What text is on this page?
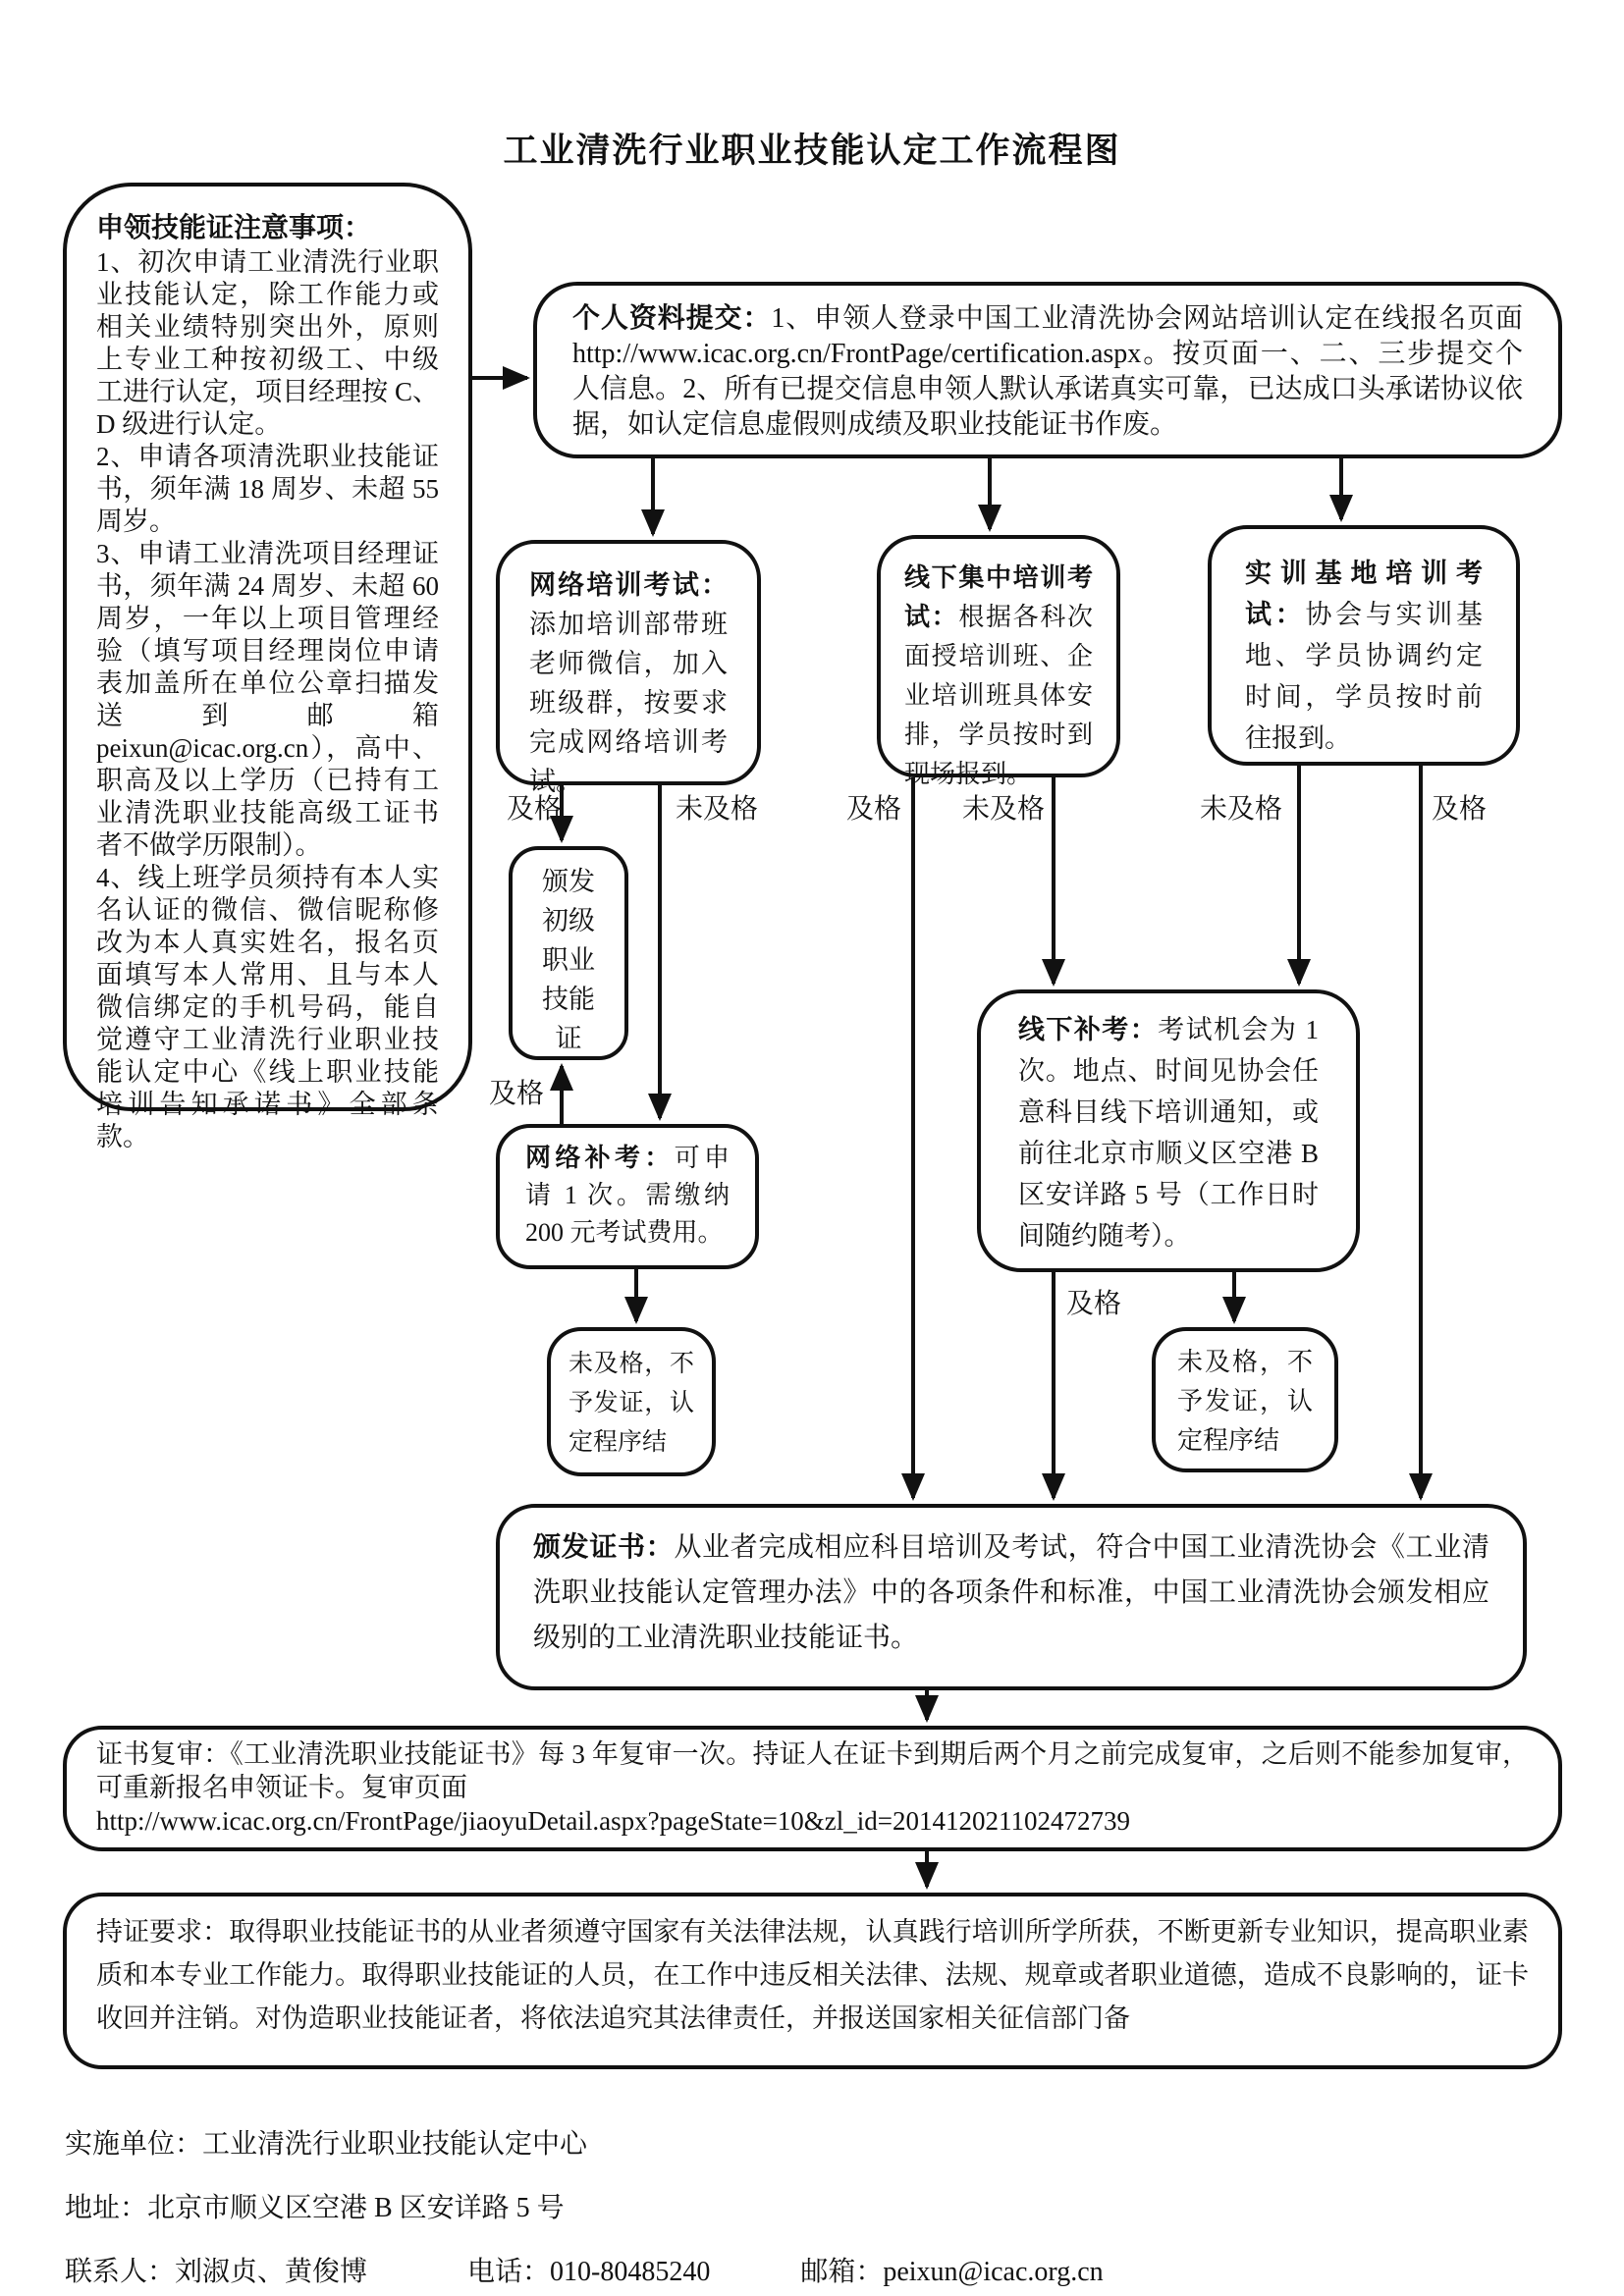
工业清洗行业职业技能认定工作流程图
申领技能证注意事项：

1、初次申请工业清洗行业职业技能认定，除工作能力或相关业绩特别突出外，原则上专业工种按初级工、中级工进行认定，项目经理按 C、D 级进行认定。

2、申请各项清洗职业技能证书，须年满 18 周岁、未超 55 周岁。

3、申请工业清洗项目经理证书，须年满 24 周岁、未超 60 周岁，一年以上项目管理经验（填写项目经理岗位申请表加盖所在单位公章扫描发送到邮箱 peixun@icac.org.cn），高中、职高及以上学历（已持有工业清洗职业技能高级工证书者不做学历限制）。

4、线上班学员须持有本人实名认证的微信、微信昵称修改为本人真实姓名，报名页面填写本人常用、且与本人微信绑定的手机号码，能自觉遵守工业清洗行业职业技能认定中心《线上职业技能培训告知承诺书》全部条款。

个人资料提交：1、申领人登录中国工业清洗协会网站培训认定在线报名页面 http://www.icac.org.cn/FrontPage/certification.aspx。按页面一、二、三步提交个人信息。2、所有已提交信息申领人默认承诺真实可靠，已达成口头承诺协议依据，如认定信息虚假则成绩及职业技能证书作废。
网络培训考试：添加培训部带班老师微信，加入班级群，按要求完成网络培训考试。
线下集中培训考试：根据各科次面授培训班、企业培训班具体安排，学员按时到现场报到。
实训基地培训考试：协会与实训基地、学员协调约定时间，学员按时前往报到。
颁发
初级
职业
技能
证
网络补考：可申请 1 次。需缴纳 200 元考试费用。
未及格，不予发证，认定程序结
线下补考：考试机会为 1 次。地点、时间见协会任意科目线下培训通知，或前往北京市顺义区空港 B 区安详路 5 号（工作日时间随约随考）。
未及格，不予发证，认定程序结
颁发证书：从业者完成相应科目培训及考试，符合中国工业清洗协会《工业清洗职业技能认定管理办法》中的各项条件和标准，中国工业清洗协会颁发相应级别的工业清洗职业技能证书。
证书复审：《工业清洗职业技能证书》每 3 年复审一次。持证人在证卡到期后两个月之前完成复审，之后则不能参加复审，可重新报名申领证卡。复审页面
http://www.icac.org.cn/FrontPage/jiaoyuDetail.aspx?pageState=10&zl_id=201412021102472739
持证要求：取得职业技能证书的从业者须遵守国家有关法律法规，认真践行培训所学所获，不断更新专业知识，提高职业素质和本专业工作能力。取得职业技能证的人员，在工作中违反相关法律、法规、规章或者职业道德，造成不良影响的，证卡收回并注销。对伪造职业技能证者，将依法追究其法律责任，并报送国家相关征信部门备
及格	未及格	及格 未及格	未及格	及格
及格
及格
实施单位：工业清洗行业职业技能认定中心
地址：北京市顺义区空港 B 区安详路 5 号
联系人：刘淑贞、黄俊博	电话：010-80485240	邮箱：peixun@icac.org.cn
